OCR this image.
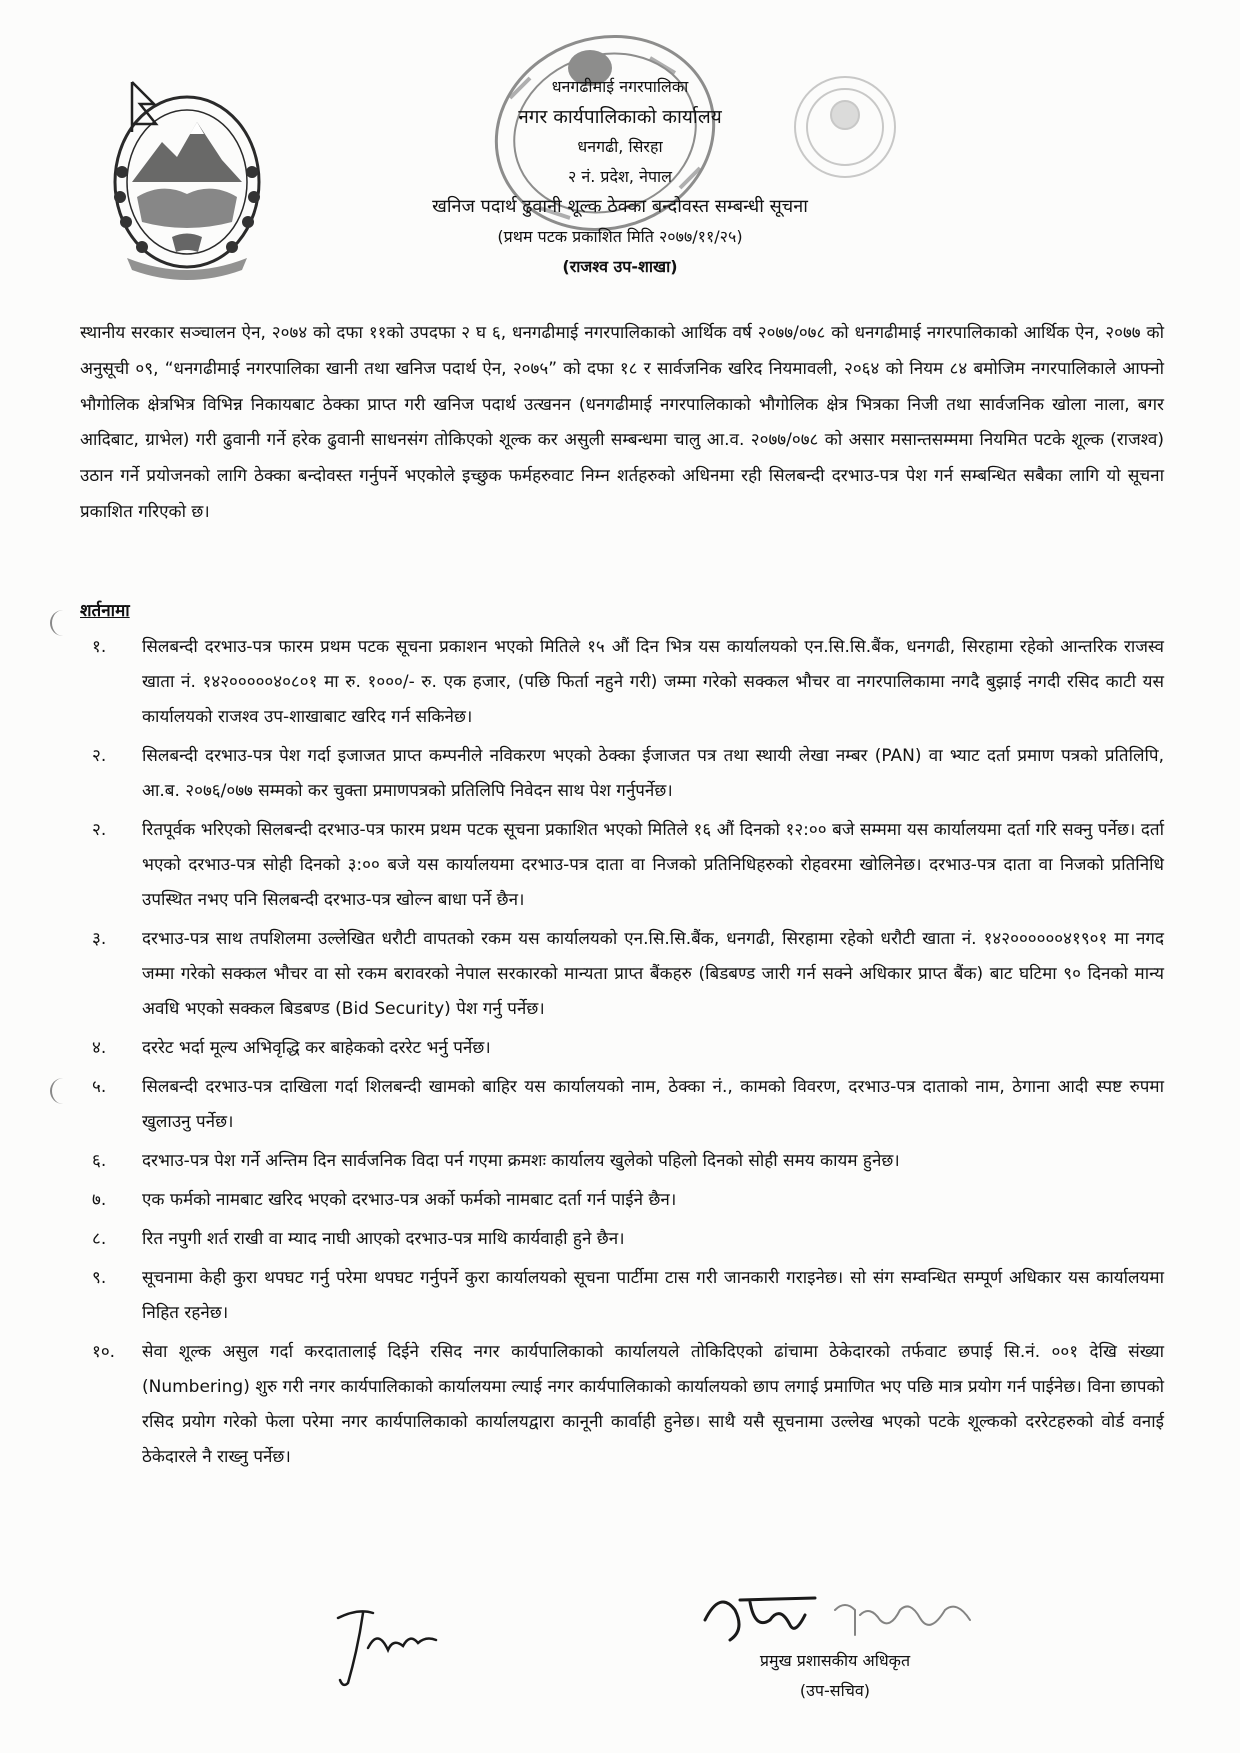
धनगढीमाई नगरपालिका
नगर कार्यपालिकाको कार्यालय
धनगढी, सिरहा
२ नं. प्रदेश, नेपाल
खनिज पदार्थ ढुवानी शूल्क ठेक्का बन्दोवस्त सम्बन्धी सूचना
(प्रथम पटक प्रकाशित मिति २०७७/११/२५)
(राजश्व उप-शाखा)
स्थानीय सरकार सञ्चालन ऐन, २०७४ को दफा ११को उपदफा २ घ ६, धनगढीमाई नगरपालिकाको आर्थिक वर्ष २०७७/०७८ को धनगढीमाई नगरपालिकाको आर्थिक ऐन, २०७७ को अनुसूची ०९, “धनगढीमाई नगरपालिका खानी तथा खनिज पदार्थ ऐन, २०७५” को दफा १८ र सार्वजनिक खरिद नियमावली, २०६४ को नियम ८४ बमोजिम नगरपालिकाले आफ्नो भौगोलिक क्षेत्रभित्र विभिन्न निकायबाट ठेक्का प्राप्त गरी खनिज पदार्थ उत्खनन (धनगढीमाई नगरपालिकाको भौगोलिक क्षेत्र भित्रका निजी तथा सार्वजनिक खोला नाला, बगर आदिबाट, ग्राभेल) गरी ढुवानी गर्ने हरेक ढुवानी साधनसंग तोकिएको शूल्क कर असुली सम्बन्धमा चालु आ.व. २०७७/०७८ को असार मसान्तसम्ममा नियमित पटके शूल्क (राजश्व) उठान गर्ने प्रयोजनको लागि ठेक्का बन्दोवस्त गर्नुपर्ने भएकोले इच्छुक फर्महरुवाट निम्न शर्तहरुको अधिनमा रही सिलबन्दी दरभाउ-पत्र पेश गर्न सम्बन्धित सबैका लागि यो सूचना प्रकाशित गरिएको छ।
शर्तनामा
१.	सिलबन्दी दरभाउ-पत्र फारम प्रथम पटक सूचना प्रकाशन भएको मितिले १५ औं दिन भित्र यस कार्यालयको एन.सि.सि.बैंक, धनगढी, सिरहामा रहेको आन्तरिक राजस्व खाता नं. १४२०००००४०८०१ मा रु. १०००/- रु. एक हजार, (पछि फिर्ता नहुने गरी) जम्मा गरेको सक्कल भौचर वा नगरपालिकामा नगदै बुझाई नगदी रसिद काटी यस कार्यालयको राजश्व उप-शाखाबाट खरिद गर्न सकिनेछ।
२.	सिलबन्दी दरभाउ-पत्र पेश गर्दा इजाजत प्राप्त कम्पनीले नविकरण भएको ठेक्का ईजाजत पत्र तथा स्थायी लेखा नम्बर (PAN) वा भ्याट दर्ता प्रमाण पत्रको प्रतिलिपि, आ.ब. २०७६/०७७ सम्मको कर चुक्ता प्रमाणपत्रको प्रतिलिपि निवेदन साथ पेश गर्नुपर्नेछ।
२.	रितपूर्वक भरिएको सिलबन्दी दरभाउ-पत्र फारम प्रथम पटक सूचना प्रकाशित भएको मितिले १६ औं दिनको १२:०० बजे सम्ममा यस कार्यालयमा दर्ता गरि सक्नु पर्नेछ। दर्ता भएको दरभाउ-पत्र सोही दिनको ३:०० बजे यस कार्यालयमा दरभाउ-पत्र दाता वा निजको प्रतिनिधिहरुको रोहवरमा खोलिनेछ। दरभाउ-पत्र दाता वा निजको प्रतिनिधि उपस्थित नभए पनि सिलबन्दी दरभाउ-पत्र खोल्न बाधा पर्ने छैन।
३.	दरभाउ-पत्र साथ तपशिलमा उल्लेखित धरौटी वापतको रकम यस कार्यालयको एन.सि.सि.बैंक, धनगढी, सिरहामा रहेको धरौटी खाता नं. १४२००००००४१९०१ मा नगद जम्मा गरेको सक्कल भौचर वा सो रकम बरावरको नेपाल सरकारको मान्यता प्राप्त बैंकहरु (बिडबण्ड जारी गर्न सक्ने अधिकार प्राप्त बैंक) बाट घटिमा ९० दिनको मान्य अवधि भएको सक्कल बिडबण्ड (Bid Security) पेश गर्नु पर्नेछ।
४.	दररेट भर्दा मूल्य अभिवृद्धि कर बाहेकको दररेट भर्नु पर्नेछ।
५.	सिलबन्दी दरभाउ-पत्र दाखिला गर्दा शिलबन्दी खामको बाहिर यस कार्यालयको नाम, ठेक्का नं., कामको विवरण, दरभाउ-पत्र दाताको नाम, ठेगाना आदी स्पष्ट रुपमा खुलाउनु पर्नेछ।
६.	दरभाउ-पत्र पेश गर्ने अन्तिम दिन सार्वजनिक विदा पर्न गएमा क्रमशः कार्यालय खुलेको पहिलो दिनको सोही समय कायम हुनेछ।
७.	एक फर्मको नामबाट खरिद भएको दरभाउ-पत्र अर्को फर्मको नामबाट दर्ता गर्न पाईने छैन।
८.	रित नपुगी शर्त राखी वा म्याद नाघी आएको दरभाउ-पत्र माथि कार्यवाही हुने छैन।
९.	सूचनामा केही कुरा थपघट गर्नु परेमा थपघट गर्नुपर्ने कुरा कार्यालयको सूचना पार्टीमा टास गरी जानकारी गराइनेछ। सो संग सम्वन्धित सम्पूर्ण अधिकार यस कार्यालयमा निहित रहनेछ।
१०.	सेवा शूल्क असुल गर्दा करदातालाई दिईने रसिद नगर कार्यपालिकाको कार्यालयले तोकिदिएको ढांचामा ठेकेदारको तर्फवाट छपाई सि.नं. ००१ देखि संख्या (Numbering) शुरु गरी नगर कार्यपालिकाको कार्यालयमा ल्याई नगर कार्यपालिकाको कार्यालयको छाप लगाई प्रमाणित भए पछि मात्र प्रयोग गर्न पाईनेछ। विना छापको रसिद प्रयोग गरेको फेला परेमा नगर कार्यपालिकाको कार्यालयद्वारा कानूनी कार्वाही हुनेछ। साथै यसै सूचनामा उल्लेख भएको पटके शूल्कको दररेटहरुको वोर्ड वनाई ठेकेदारले नै राख्नु पर्नेछ।
प्रमुख प्रशासकीय अधिकृत
(उप-सचिव)
